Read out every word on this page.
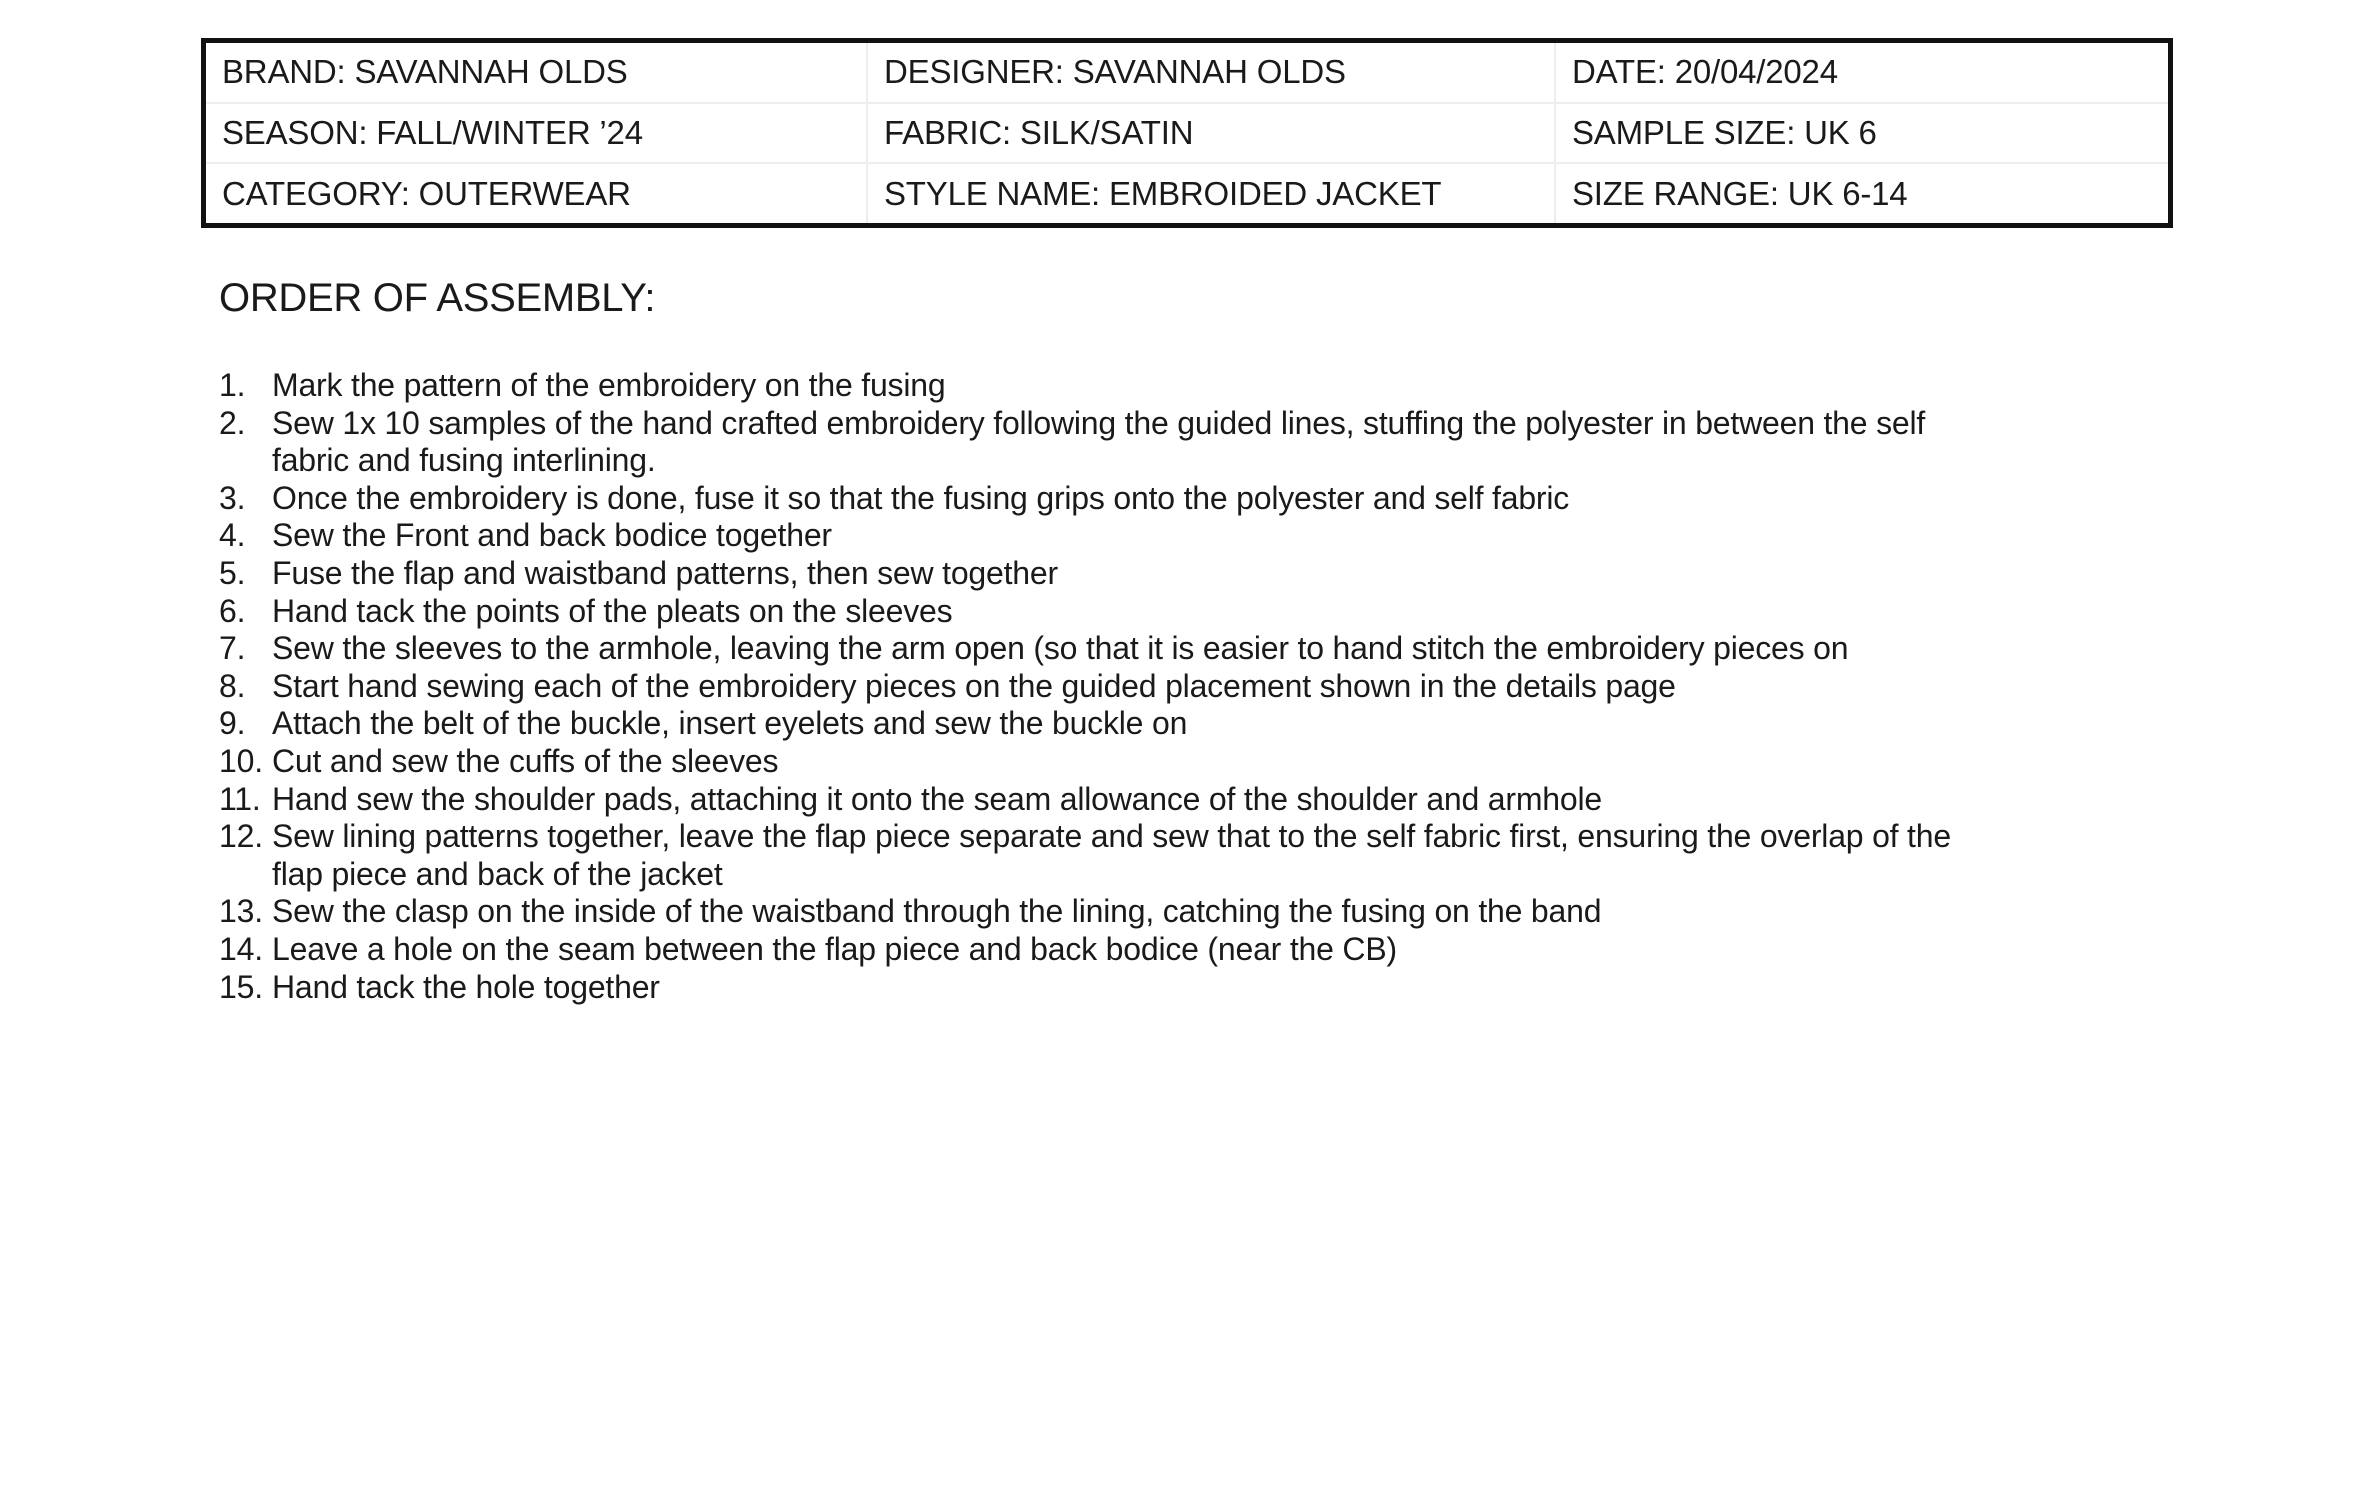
BRAND: SAVANNAH OLDS	DESIGNER: SAVANNAH OLDS	DATE: 20/04/2024
SEASON: FALL/WINTER ’24	FABRIC: SILK/SATIN	SAMPLE SIZE: UK 6
CATEGORY: OUTERWEAR	STYLE NAME: EMBROIDED JACKET	SIZE RANGE: UK 6-14
ORDER OF ASSEMBLY:
1. Mark the pattern of the embroidery on the fusing
2. Sew 1x 10 samples of the hand crafted embroidery following the guided lines, stuffing the polyester in between the self
fabric and fusing interlining.
3. Once the embroidery is done, fuse it so that the fusing grips onto the polyester and self fabric
4. Sew the Front and back bodice together
5. Fuse the flap and waistband patterns, then sew together
6. Hand tack the points of the pleats on the sleeves
7. Sew the sleeves to the armhole, leaving the arm open (so that it is easier to hand stitch the embroidery pieces on
8. Start hand sewing each of the embroidery pieces on the guided placement shown in the details page
9. Attach the belt of the buckle, insert eyelets and sew the buckle on
10. Cut and sew the cuffs of the sleeves
11. Hand sew the shoulder pads, attaching it onto the seam allowance of the shoulder and armhole
12. Sew lining patterns together, leave the flap piece separate and sew that to the self fabric first, ensuring the overlap of the
flap piece and back of the jacket
13. Sew the clasp on the inside of the waistband through the lining, catching the fusing on the band
14. Leave a hole on the seam between the flap piece and back bodice (near the CB)
15. Hand tack the hole together
